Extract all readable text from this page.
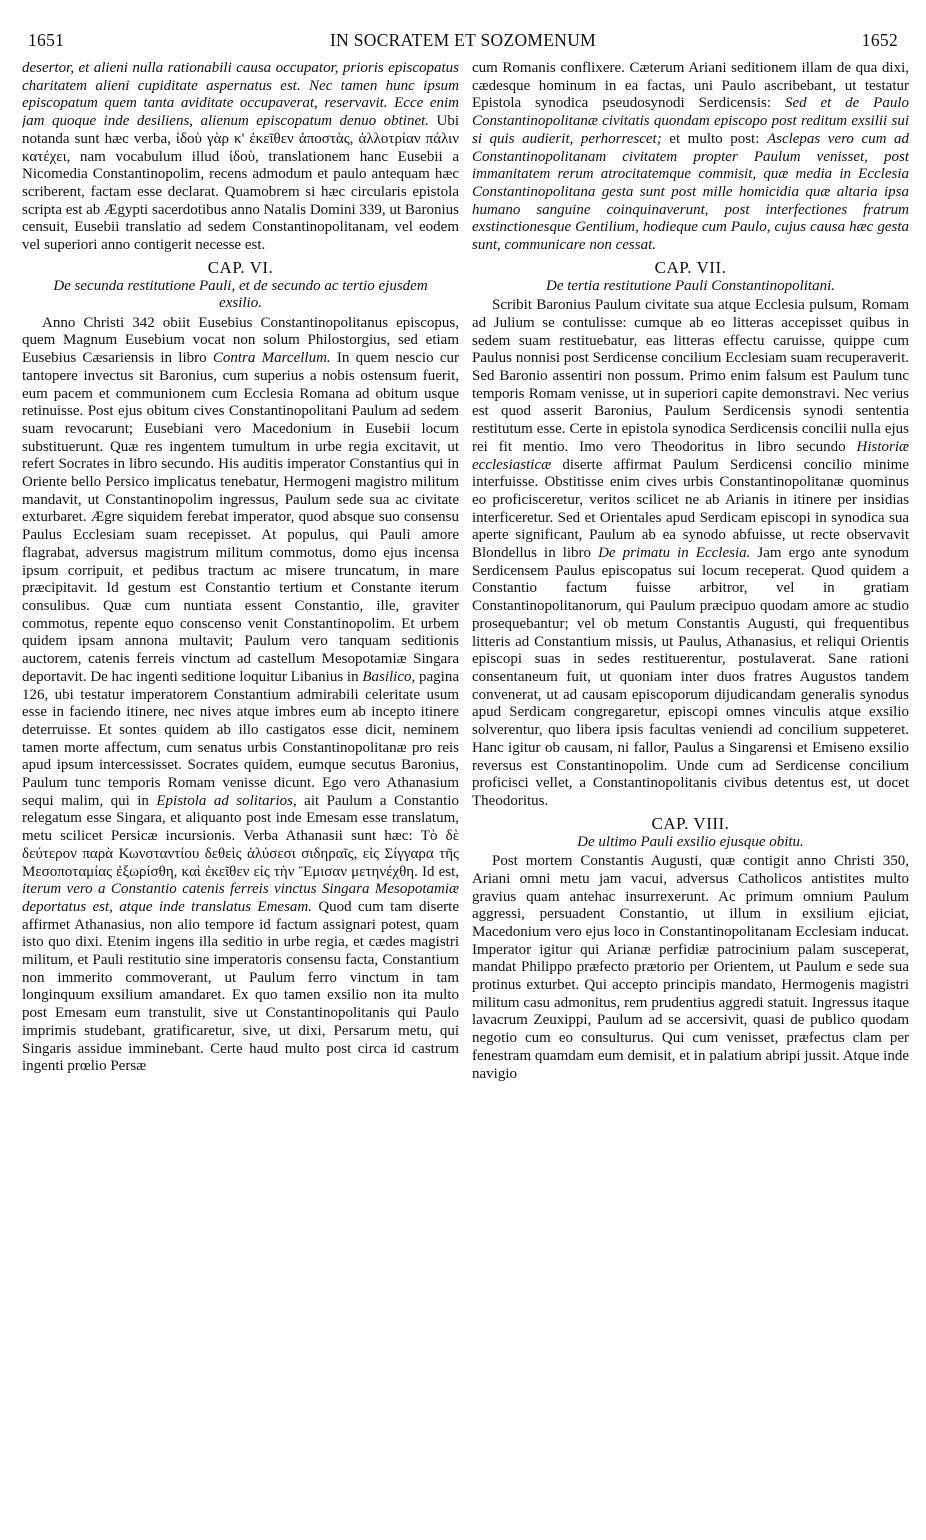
1651	IN SOCRATEM ET SOZOMENUM	1652

desertor, et alieni nulla rationabili causa occupator, prioris episcopatus charitatem alieni cupiditate aspernatus est. Nec tamen hunc ipsum episcopatum quem tanta aviditate occupaverat, reservavit. Ecce enim jam quoque inde desiliens, alienum episcopatum denuo obtinet. Ubi notanda sunt hæc verba, ἰδοὺ γὰρ κ' ἐκεῖθεν ἀποστὰς, ἀλλοτρίαν πάλιν κατέχει, nam vocabulum illud ἰδοὺ, translationem hanc Eusebii a Nicomedia Constantinopolim, recens admodum et paulo antequam hæc scriberent, factam esse declarat. Quamobrem si hæc circularis epistola scripta est ab Ægypti sacerdotibus anno Natalis Domini 339, ut Baronius censuit, Eusebii translatio ad sedem Constantinopolitanam, vel eodem vel superiori anno contigerit necesse est.

CAP. VI.
De secunda restitutione Pauli, et de secundo ac tertio ejusdem exsilio.

Anno Christi 342 obiit Eusebius Constantinopolitanus episcopus, quem Magnum Eusebium vocat non solum Philostorgius, sed etiam Eusebius Cæsariensis in libro Contra Marcellum. In quem nescio cur tantopere invectus sit Baronius, cum superius a nobis ostensum fuerit, eum pacem et communionem cum Ecclesia Romana ad obitum usque retinuisse. Post ejus obitum cives Constantinopolitani Paulum ad sedem suam revocarunt; Eusebiani vero Macedonium in Eusebii locum substituerunt. Quæ res ingentem tumultum in urbe regia excitavit, ut refert Socrates in libro secundo. His auditis imperator Constantius qui in Oriente bello Persico implicatus tenebatur, Hermogeni magistro militum mandavit, ut Constantinopolim ingressus, Paulum sede sua ac civitate exturbaret. Ægre siquidem ferebat imperator, quod absque suo consensu Paulus Ecclesiam suam recepisset. At populus, qui Pauli amore flagrabat, adversus magistrum militum commotus, domo ejus incensa ipsum corripuit, et pedibus tractum ac misere truncatum, in mare præcipitavit. Id gestum est Constantio tertium et Constante iterum consulibus. Quæ cum nuntiata essent Constantio, ille, graviter commotus, repente equo conscenso venit Constantinopolim. Et urbem quidem ipsam annona multavit; Paulum vero tanquam seditionis auctorem, catenis ferreis vinctum ad castellum Mesopotamiæ Singara deportavit. De hac ingenti seditione loquitur Libanius in Basilico, pagina 126, ubi testatur imperatorem Constantium admirabili celeritate usum esse in faciendo itinere, nec nives atque imbres eum ab incepto itinere deterruisse. Et sontes quidem ab illo castigatos esse dicit, neminem tamen morte affectum, cum senatus urbis Constantinopolitanæ pro reis apud ipsum intercessisset. Socrates quidem, eumque secutus Baronius, Paulum tunc temporis Romam venisse dicunt. Ego vero Athanasium sequi malim, qui in Epistola ad solitarios, ait Paulum a Constantio relegatum esse Singara, et aliquanto post inde Emesam esse translatum, metu scilicet Persicæ incursionis. Verba Athanasii sunt hæc: Τὸ δὲ δεύτερον παρὰ Κωνσταντίου δεθεὶς ἁλύσεσι σιδηραῖς, εἰς Σίγγαρα τῆς Μεσοποταμίας ἐξωρίσθη, καὶ ἐκεῖθεν εἰς τὴν Ἔμισαν μετηνέχθη. Id est, iterum vero a Constantio catenis ferreis vinctus Singara Mesopotamiæ deportatus est, atque inde translatus Emesam. Quod cum tam diserte affirmet Athanasius, non alio tempore id factum assignari potest, quam isto quo dixi. Etenim ingens illa seditio in urbe regia, et cædes magistri militum, et Pauli restitutio sine imperatoris consensu facta, Constantium non immerito commoverant, ut Paulum ferro vinctum in tam longinquum exsilium amandaret. Ex quo tamen exsilio non ita multo post Emesam eum transtulit, sive ut Constantinopolitanis qui Paulo imprimis studebant, gratificaretur, sive, ut dixi, Persarum metu, qui Singaris assidue imminebant. Certe haud multo post circa id castrum ingenti prœlio Persæ

cum Romanis conflixere. Cæterum Ariani seditionem illam de qua dixi, cædesque hominum in ea factas, uni Paulo ascribebant, ut testatur Epistola synodica pseudosynodi Serdicensis: Sed et de Paulo Constantinopolitanæ civitatis quondam episcopo post reditum exsilii sui si quis audierit, perhorrescet; et multo post: Asclepas vero cum ad Constantinopolitanam civitatem propter Paulum venisset, post immanitatem rerum atrocitatemque commisit, quæ media in Ecclesia Constantinopolitana gesta sunt post mille homicidia quæ altaria ipsa humano sanguine coinquinaverunt, post interfectiones fratrum exstinctionesque Gentilium, hodieque cum Paulo, cujus causa hæc gesta sunt, communicare non cessat.

CAP. VII.
De tertia restitutione Pauli Constantinopolitani.

Scribit Baronius Paulum civitate sua atque Ecclesia pulsum, Romam ad Julium se contulisse: cumque ab eo litteras accepisset quibus in sedem suam restituebatur, eas litteras effectu caruisse, quippe cum Paulus nonnisi post Serdicense concilium Ecclesiam suam recuperaverit. Sed Baronio assentiri non possum. Primo enim falsum est Paulum tunc temporis Romam venisse, ut in superiori capite demonstravi. Nec verius est quod asserit Baronius, Paulum Serdicensis synodi sententia restitutum esse. Certe in epistola synodica Serdicensis concilii nulla ejus rei fit mentio. Imo vero Theodoritus in libro secundo Historiæ ecclesiasticæ diserte affirmat Paulum Serdicensi concilio minime interfuisse. Obstitisse enim cives urbis Constantinopolitanæ quominus eo proficisceretur, veritos scilicet ne ab Arianis in itinere per insidias interficeretur. Sed et Orientales apud Serdicam episcopi in synodica sua aperte significant, Paulum ab ea synodo abfuisse, ut recte observavit Blondellus in libro De primatu in Ecclesia. Jam ergo ante synodum Serdicensem Paulus episcopatus sui locum receperat. Quod quidem a Constantio factum fuisse arbitror, vel in gratiam Constantinopolitanorum, qui Paulum præcipuo quodam amore ac studio prosequebantur; vel ob metum Constantis Augusti, qui frequentibus litteris ad Constantium missis, ut Paulus, Athanasius, et reliqui Orientis episcopi suas in sedes restituerentur, postulaverat. Sane rationi consentaneum fuit, ut quoniam inter duos fratres Augustos tandem convenerat, ut ad causam episcoporum dijudicandam generalis synodus apud Serdicam congregaretur, episcopi omnes vinculis atque exsilio solverentur, quo libera ipsis facultas veniendi ad concilium suppeteret. Hanc igitur ob causam, ni fallor, Paulus a Singarensi et Emiseno exsilio reversus est Constantinopolim. Unde cum ad Serdicense concilium proficisci vellet, a Constantinopolitanis civibus detentus est, ut docet Theodoritus.

CAP. VIII.
De ultimo Pauli exsilio ejusque obitu.

Post mortem Constantis Augusti, quæ contigit anno Christi 350, Ariani omni metu jam vacui, adversus Catholicos antistites multo gravius quam antehac insurrexerunt. Ac primum omnium Paulum aggressi, persuadent Constantio, ut illum in exsilium ejiciat, Macedonium vero ejus loco in Constantinopolitanam Ecclesiam inducat. Imperator igitur qui Arianæ perfidiæ patrocinium palam susceperat, mandat Philippo præfecto prætorio per Orientem, ut Paulum e sede sua protinus exturbet. Qui accepto principis mandato, Hermogenis magistri militum casu admonitus, rem prudentius aggredi statuit. Ingressus itaque lavacrum Zeuxippi, Paulum ad se accersivit, quasi de publico quodam negotio cum eo consulturus. Qui cum venisset, præfectus clam per fenestram quamdam eum demisit, et in palatium abripi jussit. Atque inde navigio
